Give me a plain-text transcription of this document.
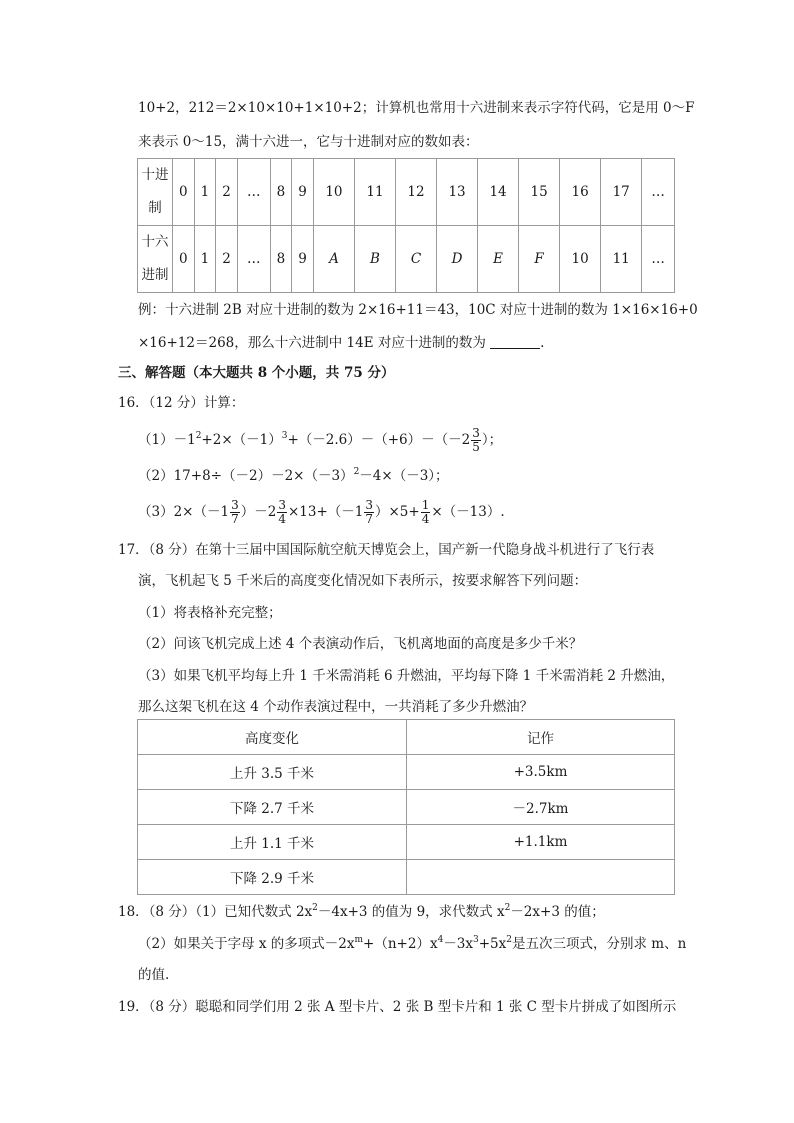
10+2，212＝2×10×10+1×10+2；计算机也常用十六进制来表示字符代码，它是用 0～F
来表示 0～15，满十六进一，它与十进制对应的数如表：
十进
制	0	1	2	…	8	9	10	11	12	13	14	15	16	17	…
十六
进制	0	1	2	…	8	9	A	B	C	D	E	F	10	11	…
例：十六进制 2B 对应十进制的数为 2×16+11＝43，10C 对应十进制的数为 1×16×16+0
×16+12＝268，那么十六进制中 14E 对应十进制的数为	.
三、解答题（本大题共 8 个小题，共 75 分）
16．（12 分）计算：
$(1)-1^2+2\times(-1)^3+(-2.6)-(+6)-(-2 \frac{3}{5}$ ）；
$(2)17+8\div(-2)-2\times(-3)^2-4\times(-3)$；
$(3)2\times(-1 \frac{3}{7} )-2 \frac{3}{4} \times 13+(-1 \frac{3}{7} )\times 5+ \frac{1}{4} \times(-13)$.
17．（8 分）在第十三届中国国际航空航天博览会上，国产新一代隐身战斗机进行了飞行表
演，飞机起飞 5 千米后的高度变化情况如下表所示，按要求解答下列问题：
（1）将表格补充完整；
（2）问该飞机完成上述 4 个表演动作后，飞机离地面的高度是多少千米？
（3）如果飞机平均每上升 1 千米需消耗 6 升燃油，平均每下降 1 千米需消耗 2 升燃油，
那么这架飞机在这 4 个动作表演过程中，一共消耗了多少升燃油？
高度变化	记作
上升 3.5 千米	+3.5km
下降 2.7 千米	－2.7km
上升 1.1 千米	+1.1km
下降 2.9 千米	
18．（8 分）（1）已知代数式 $2x^2-4x+3$ 的值为 9，求代数式 $x^2-2x+3$ 的值；
（2）如果关于字母 x 的多项式$-2x^m+(n+2)x^4-3x^3+5x^2$是五次三项式，分别求 m、n
的值.
19．（8 分）聪聪和同学们用 2 张 A 型卡片、2 张 B 型卡片和 1 张 C 型卡片拼成了如图所示
